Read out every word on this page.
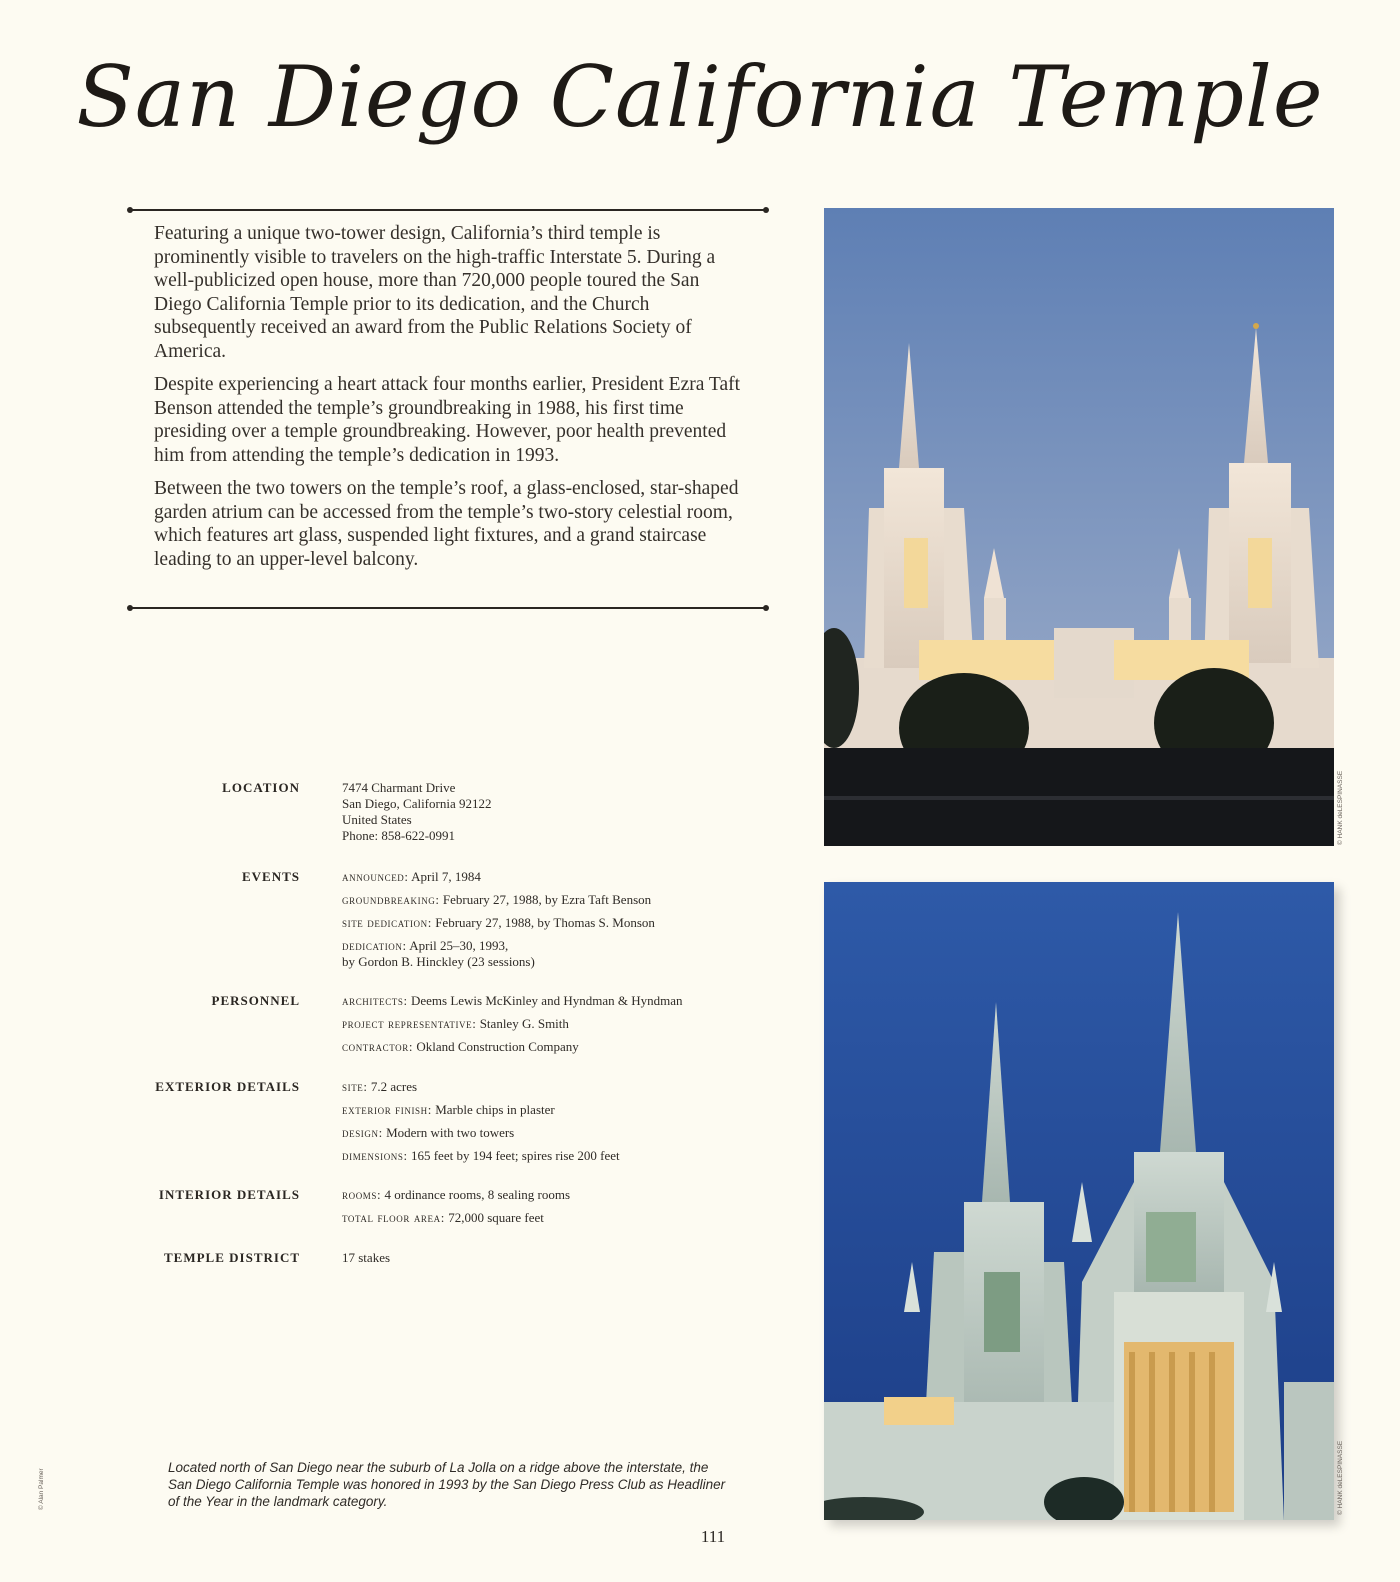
San Diego California Temple

Featuring a unique two-tower design, California’s third temple is prominently visible to travelers on the high-traffic Interstate 5. During a well-publicized open house, more than 720,000 people toured the San Diego California Temple prior to its dedication, and the Church subsequently received an award from the Public Relations Society of America.

Despite experiencing a heart attack four months earlier, President Ezra Taft Benson attended the temple’s groundbreaking in 1988, his first time presiding over a temple groundbreaking. However, poor health prevented him from attending the temple’s dedication in 1993.

Between the two towers on the temple’s roof, a glass-enclosed, star-shaped garden atrium can be accessed from the temple’s two-story celestial room, which features art glass, suspended light fixtures, and a grand staircase leading to an upper-level balcony.

LOCATION	7474 Charmant Drive
San Diego, California 92122
United States
Phone: 858-622-0991
EVENTS	announced: April 7, 1984
groundbreaking: February 27, 1988, by Ezra Taft Benson
site dedication: February 27, 1988, by Thomas S. Monson
dedication: April 25–30, 1993,
by Gordon B. Hinckley (23 sessions)
PERSONNEL	architects: Deems Lewis McKinley and Hyndman & Hyndman
project representative: Stanley G. Smith
contractor: Okland Construction Company
EXTERIOR DETAILS	site: 7.2 acres
exterior finish: Marble chips in plaster
design: Modern with two towers
dimensions: 165 feet by 194 feet; spires rise 200 feet
INTERIOR DETAILS	rooms: 4 ordinance rooms, 8 sealing rooms
total floor area: 72,000 square feet
TEMPLE DISTRICT	17 stakes
Located north of San Diego near the suburb of La Jolla on a ridge above the interstate, the San Diego California Temple was honored in 1993 by the San Diego Press Club as Headliner of the Year in the landmark category.
111
© Alan Palmer
© HANK deLESPINASSE
© HANK deLESPINASSE
